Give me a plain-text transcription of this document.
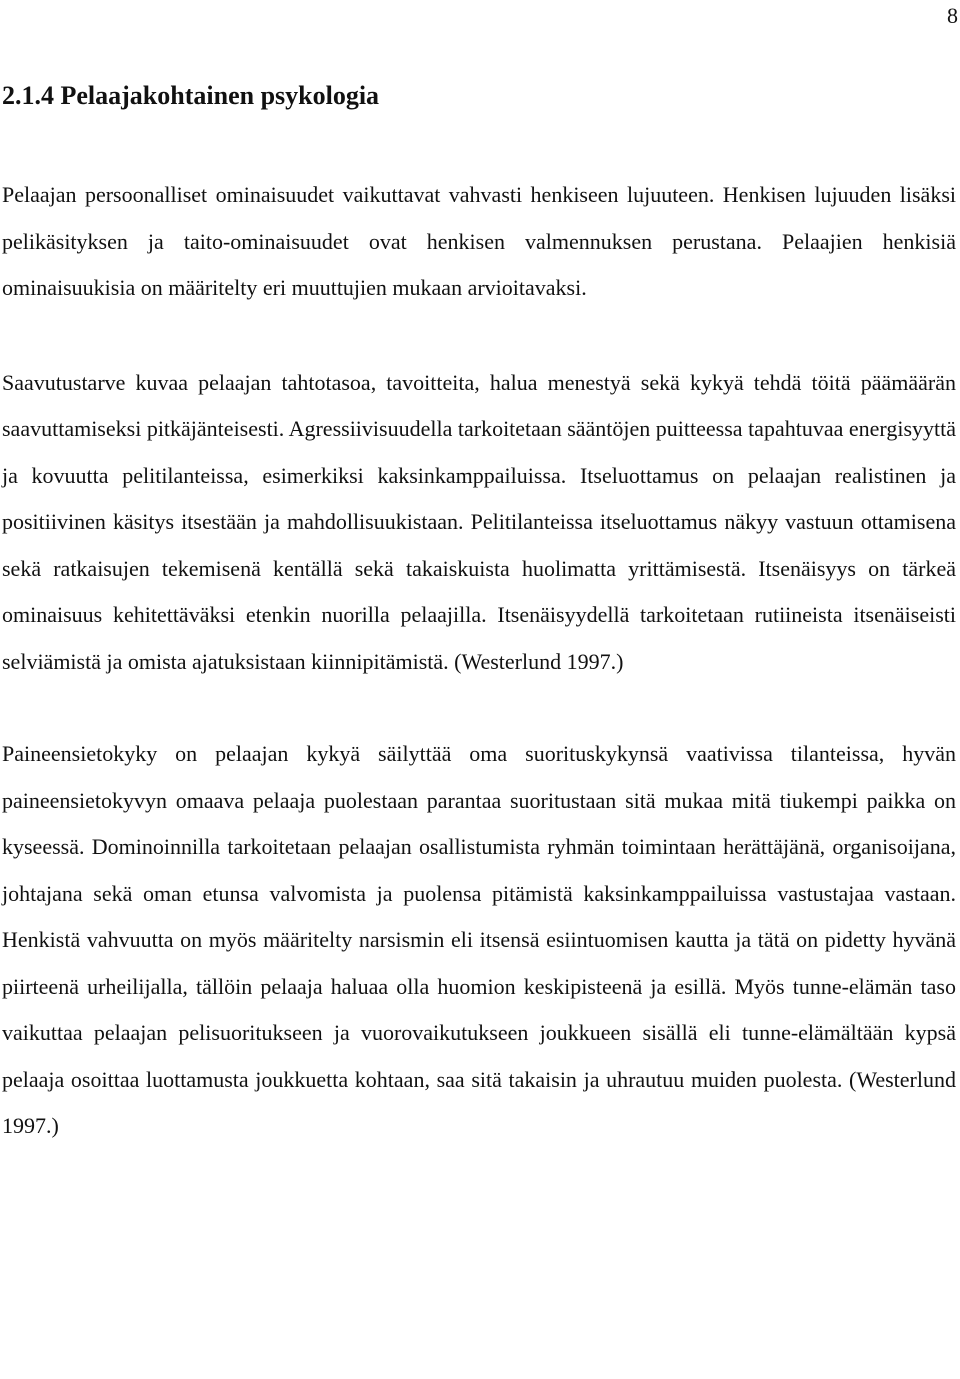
8
2.1.4 Pelaajakohtainen psykologia

Pelaajan persoonalliset ominaisuudet vaikuttavat vahvasti henkiseen lujuuteen. Henkisen lujuuden lisäksi pelikäsityksen ja taito-ominaisuudet ovat henkisen valmennuksen perustana. Pelaajien henkisiä ominaisuukisia on määritelty eri muuttujien mukaan arvioitavaksi.

Saavutustarve kuvaa pelaajan tahtotasoa, tavoitteita, halua menestyä sekä kykyä tehdä töitä päämäärän saavuttamiseksi pitkäjänteisesti. Agressiivisuudella tarkoitetaan sääntöjen puitteessa tapahtuvaa energisyyttä ja kovuutta pelitilanteissa, esimerkiksi kaksinkamppailuissa. Itseluottamus on pelaajan realistinen ja positiivinen käsitys itsestään ja mahdollisuukistaan. Pelitilanteissa itseluottamus näkyy vastuun ottamisena sekä ratkaisujen tekemisenä kentällä sekä takaiskuista huolimatta yrittämisestä. Itsenäisyys on tärkeä ominaisuus kehitettäväksi etenkin nuorilla pelaajilla. Itsenäisyydellä tarkoitetaan rutiineista itsenäiseisti selviämistä ja omista ajatuksistaan kiinnipitämistä. (Westerlund 1997.)

Paineensietokyky on pelaajan kykyä säilyttää oma suorituskykynsä vaativissa tilanteissa, hyvän paineensietokyvyn omaava pelaaja puolestaan parantaa suoritustaan sitä mukaa mitä tiukempi paikka on kyseessä. Dominoinnilla tarkoitetaan pelaajan osallistumista ryhmän toimintaan herättäjänä, organisoijana, johtajana sekä oman etunsa valvomista ja puolensa pitämistä kaksinkamppailuissa vastustajaa vastaan. Henkistä vahvuutta on myös määritelty narsismin eli itsensä esiintuomisen kautta ja tätä on pidetty hyvänä piirteenä urheilijalla, tällöin pelaaja haluaa olla huomion keskipisteenä ja esillä. Myös tunne-elämän taso vaikuttaa pelaajan pelisuoritukseen ja vuorovaikutukseen joukkueen sisällä eli tunne-elämältään kypsä pelaaja osoittaa luottamusta joukkuetta kohtaan, saa sitä takaisin ja uhrautuu muiden puolesta. (Westerlund 1997.)
